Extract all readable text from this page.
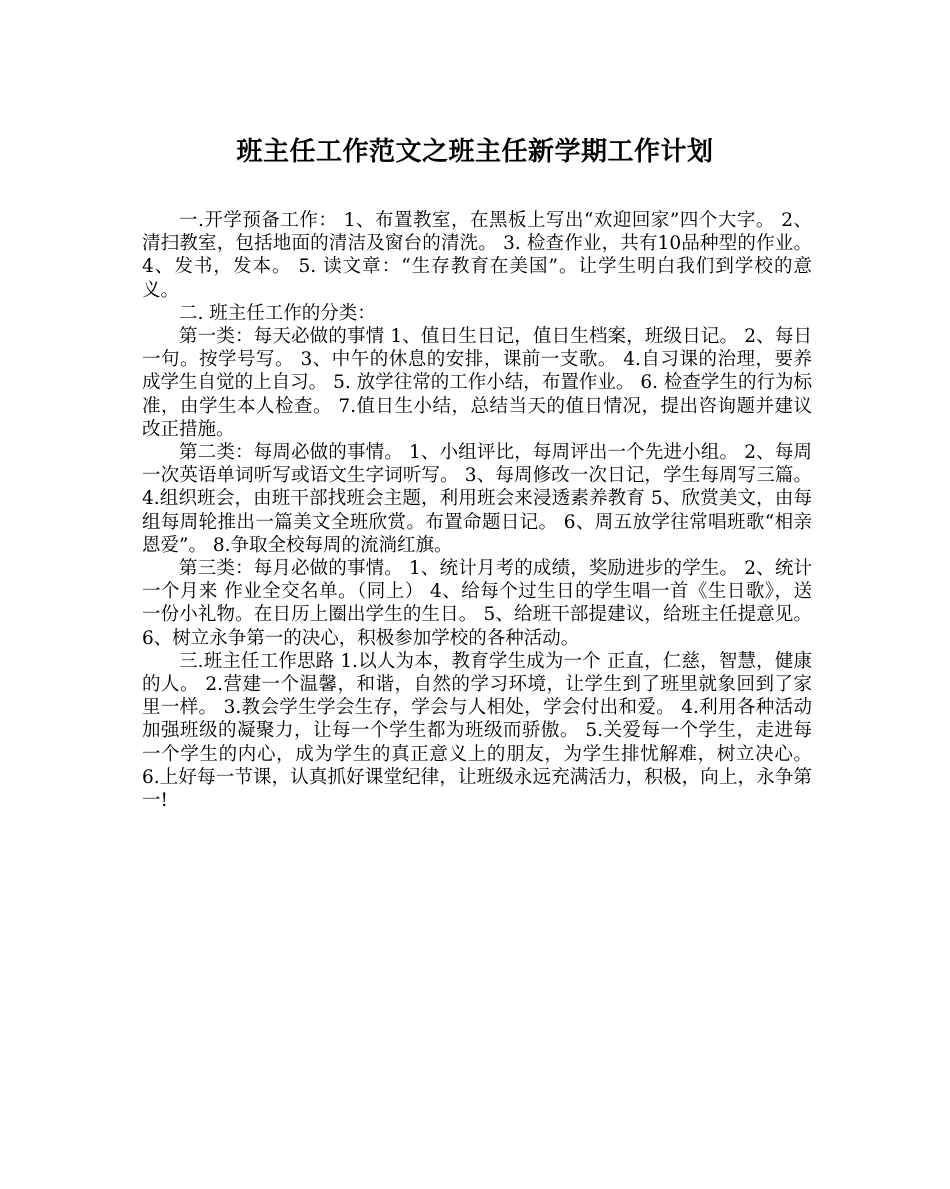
班主任工作范文之班主任新学期工作计划

一.开学预备工作： 1、布置教室，在黑板上写出“欢迎回家”四个大字。 2、清扫教室，包括地面的清洁及窗台的清洗。 3. 检查作业，共有10品种型的作业。 4、发书，发本。 5. 读文章：“生存教育在美国”。让学生明白我们到学校的意义。

二. 班主任工作的分类：

第一类：每天必做的事情 1、值日生日记，值日生档案，班级日记。 2、每日一句。按学号写。 3、中午的休息的安排，课前一支歌。 4.自习课的治理，要养成学生自觉的上自习。 5. 放学往常的工作小结，布置作业。 6. 检查学生的行为标准，由学生本人检查。 7.值日生小结，总结当天的值日情况，提出咨询题并建议改正措施。

第二类：每周必做的事情。 1、小组评比，每周评出一个先进小组。 2、每周一次英语单词听写或语文生字词听写。 3、每周修改一次日记，学生每周写三篇。 4.组织班会，由班干部找班会主题，利用班会来浸透素养教育 5、欣赏美文，由每组每周轮推出一篇美文全班欣赏。布置命题日记。 6、周五放学往常唱班歌“相亲恩爱”。 8.争取全校每周的流淌红旗。

第三类：每月必做的事情。 1、统计月考的成绩，奖励进步的学生。 2、统计一个月来 作业全交名单。（同上） 4、给每个过生日的学生唱一首《生日歌》，送一份小礼物。在日历上圈出学生的生日。 5、给班干部提建议，给班主任提意见。 6、树立永争第一的决心，积极参加学校的各种活动。

三.班主任工作思路 1.以人为本，教育学生成为一个 正直，仁慈，智慧，健康的人。 2.营建一个温馨，和谐，自然的学习环境，让学生到了班里就象回到了家里一样。 3.教会学生学会生存，学会与人相处，学会付出和爱。 4.利用各种活动加强班级的凝聚力，让每一个学生都为班级而骄傲。 5.关爱每一个学生，走进每一个学生的内心，成为学生的真正意义上的朋友，为学生排忧解难，树立决心。 6.上好每一节课，认真抓好课堂纪律，让班级永远充满活力，积极，向上，永争第一!
